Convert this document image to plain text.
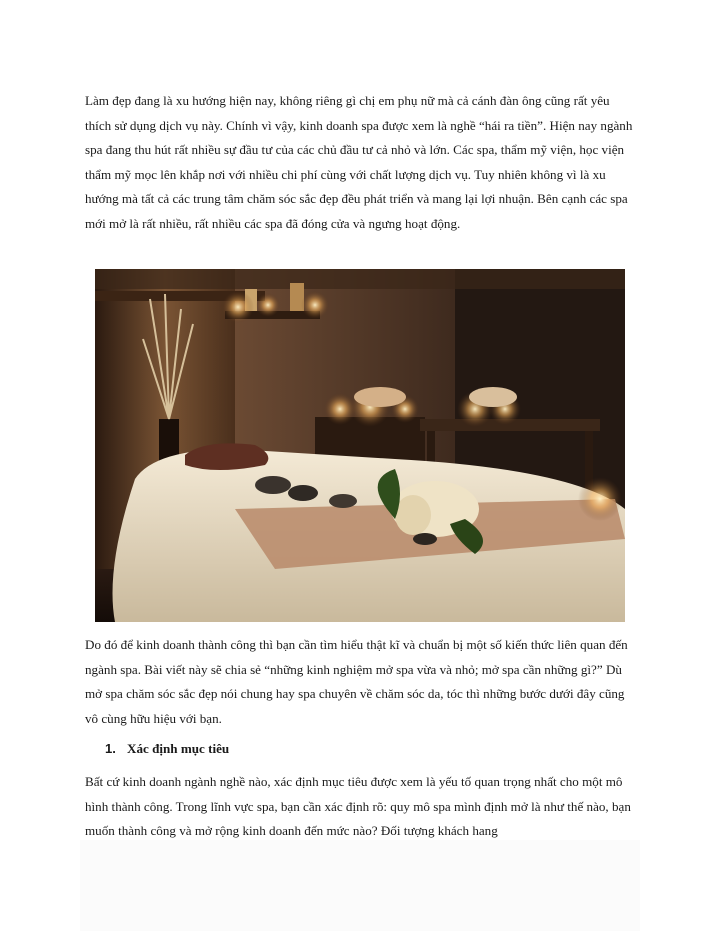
Làm đẹp đang là xu hướng hiện nay, không riêng gì chị em phụ nữ mà cả cánh đàn ông cũng rất yêu thích sử dụng dịch vụ này. Chính vì vậy, kinh doanh spa được xem là nghề “hái ra tiền”. Hiện nay ngành spa đang thu hút rất nhiều sự đầu tư của các chủ đầu tư cả nhỏ và lớn. Các spa, thẩm mỹ viện, học viện thẩm mỹ mọc lên khắp nơi với nhiều chi phí cùng với chất lượng dịch vụ. Tuy nhiên không vì là xu hướng mà tất cả các trung tâm chăm sóc sắc đẹp đều phát triển và mang lại lợi nhuận. Bên cạnh các spa mới mở là rất nhiều, rất nhiều các spa đã đóng cửa và ngưng hoạt động.

Do đó để kinh doanh thành công thì bạn cần tìm hiểu thật kĩ và chuẩn bị một số kiến thức liên quan đến ngành spa. Bài viết này sẽ chia sẻ “những kinh nghiệm mở spa vừa và nhỏ; mở spa cần những gì?” Dù mở spa chăm sóc sắc đẹp nói chung hay spa chuyên về chăm sóc da, tóc thì những bước dưới đây cũng vô cùng hữu hiệu với bạn.

1. Xác định mục tiêu

Bất cứ kinh doanh ngành nghề nào, xác định mục tiêu được xem là yếu tố quan trọng nhất cho một mô hình thành công. Trong lĩnh vực spa, bạn cần xác định rõ: quy mô spa mình định mở là như thế nào, bạn muốn thành công và mở rộng kinh doanh đến mức nào? Đối tượng khách hang
